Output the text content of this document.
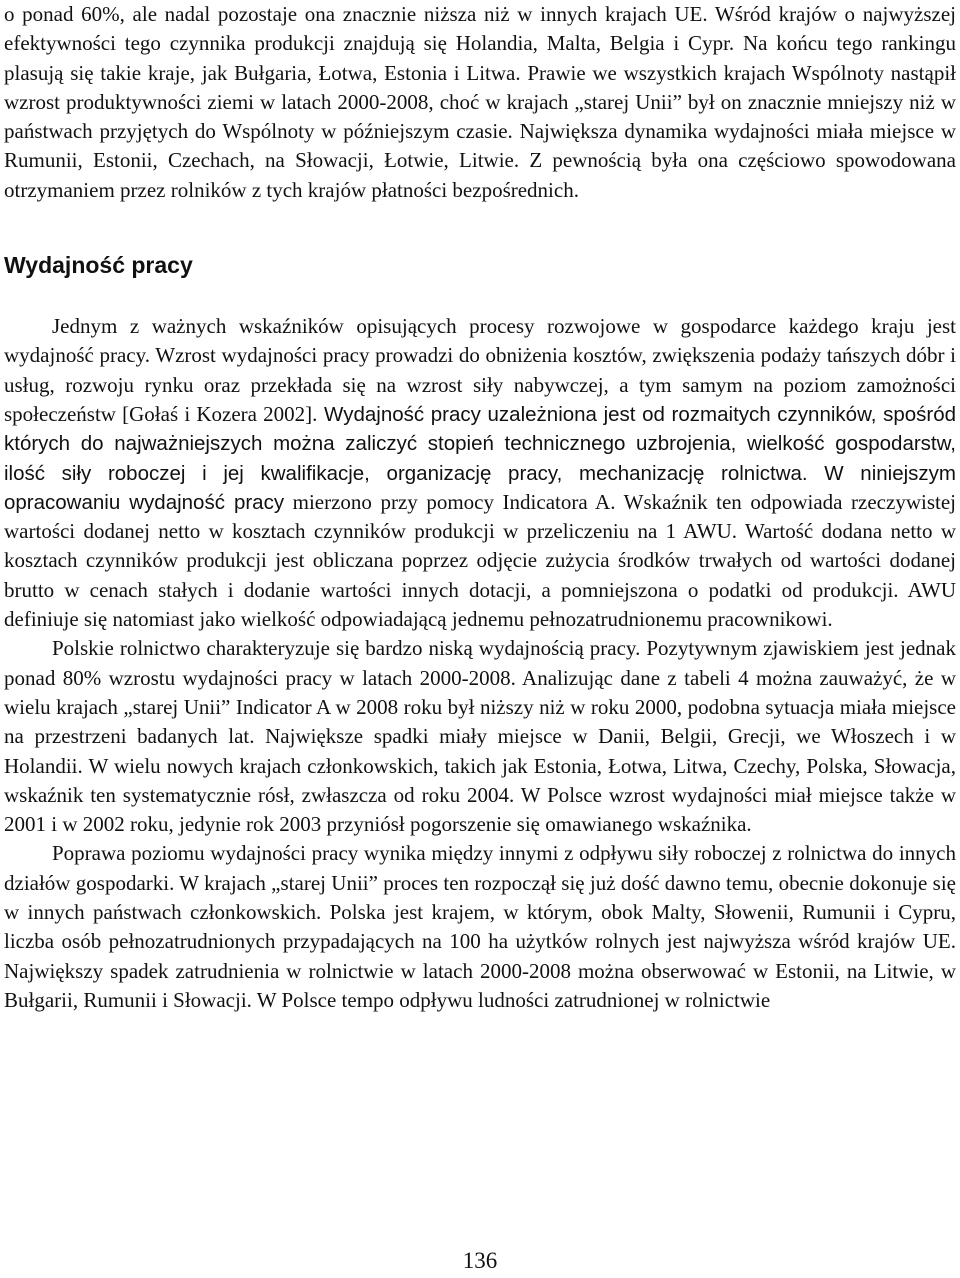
o ponad 60%, ale nadal pozostaje ona znacznie niższa niż w innych krajach UE. Wśród krajów o najwyższej efektywności tego czynnika produkcji znajdują się Holandia, Malta, Belgia i Cypr. Na końcu tego rankingu plasują się takie kraje, jak Bułgaria, Łotwa, Estonia i Litwa. Prawie we wszystkich krajach Wspólnoty nastąpił wzrost produktywności ziemi w latach 2000-2008, choć w krajach „starej Unii” był on znacznie mniejszy niż w państwach przyjętych do Wspólnoty w późniejszym czasie. Największa dynamika wydajności miała miejsce w Rumunii, Estonii, Czechach, na Słowacji, Łotwie, Litwie. Z pewnością była ona częściowo spowodowana otrzymaniem przez rolników z tych krajów płatności bezpośrednich.

Wydajność pracy

Jednym z ważnych wskaźników opisujących procesy rozwojowe w gospodarce każdego kraju jest wydajność pracy. Wzrost wydajności pracy prowadzi do obniżenia kosztów, zwiększenia podaży tańszych dóbr i usług, rozwoju rynku oraz przekłada się na wzrost siły nabywczej, a tym samym na poziom zamożności społeczeństw [Gołaś i Kozera 2002]. Wydajność pracy uzależniona jest od rozmaitych czynników, spośród których do najważniejszych można zaliczyć stopień technicznego uzbrojenia, wielkość gospodarstw, ilość siły roboczej i jej kwalifikacje, organizację pracy, mechanizację rolnictwa. W niniejszym opracowaniu wydajność pracy mierzono przy pomocy Indicatora A. Wskaźnik ten odpowiada rzeczywistej wartości dodanej netto w kosztach czynników produkcji w przeliczeniu na 1 AWU. Wartość dodana netto w kosztach czynników produkcji jest obliczana poprzez odjęcie zużycia środków trwałych od wartości dodanej brutto w cenach stałych i dodanie wartości innych dotacji, a pomniejszona o podatki od produkcji. AWU definiuje się natomiast jako wielkość odpowiadającą jednemu pełnozatrudnionemu pracownikowi.

Polskie rolnictwo charakteryzuje się bardzo niską wydajnością pracy. Pozytywnym zjawiskiem jest jednak ponad 80% wzrostu wydajności pracy w latach 2000-2008. Analizując dane z tabeli 4 można zauważyć, że w wielu krajach „starej Unii” Indicator A w 2008 roku był niższy niż w roku 2000, podobna sytuacja miała miejsce na przestrzeni badanych lat. Największe spadki miały miejsce w Danii, Belgii, Grecji, we Włoszech i w Holandii. W wielu nowych krajach członkowskich, takich jak Estonia, Łotwa, Litwa, Czechy, Polska, Słowacja, wskaźnik ten systematycznie rósł, zwłaszcza od roku 2004. W Polsce wzrost wydajności miał miejsce także w 2001 i w 2002 roku, jedynie rok 2003 przyniósł pogorszenie się omawianego wskaźnika.

Poprawa poziomu wydajności pracy wynika między innymi z odpływu siły roboczej z rolnictwa do innych działów gospodarki. W krajach „starej Unii” proces ten rozpoczął się już dość dawno temu, obecnie dokonuje się w innych państwach członkowskich. Polska jest krajem, w którym, obok Malty, Słowenii, Rumunii i Cypru, liczba osób pełnozatrudnionych przypadających na 100 ha użytków rolnych jest najwyższa wśród krajów UE. Największy spadek zatrudnienia w rolnictwie w latach 2000-2008 można obserwować w Estonii, na Litwie, w Bułgarii, Rumunii i Słowacji. W Polsce tempo odpływu ludności zatrudnionej w rolnictwie

136
